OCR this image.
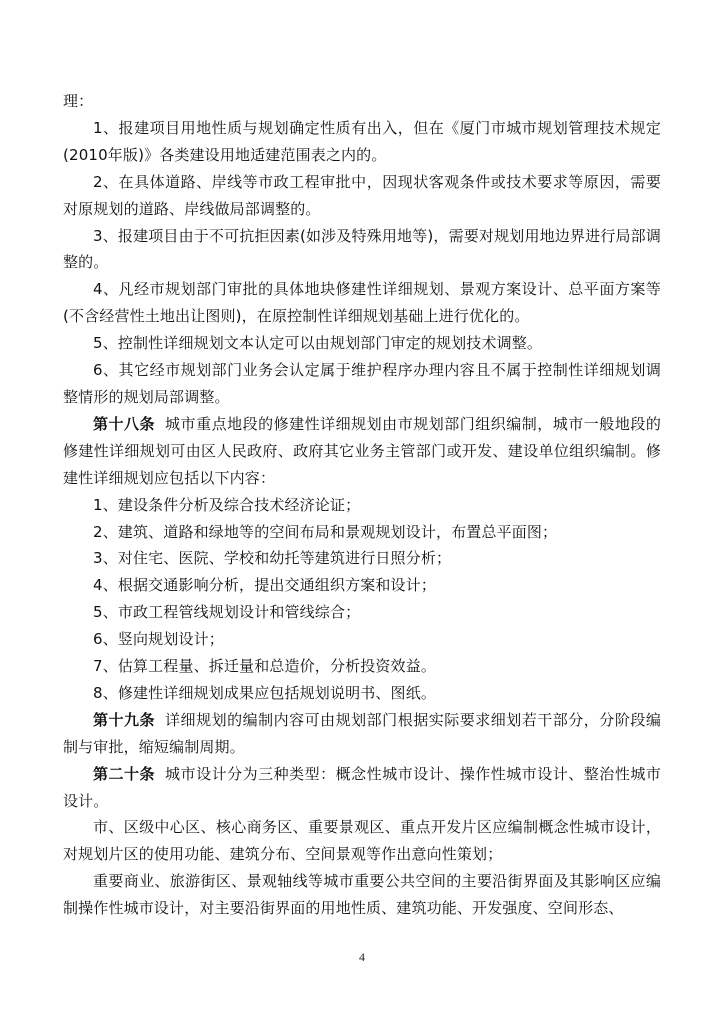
理：

1、报建项目用地性质与规划确定性质有出入，但在《厦门市城市规划管理技术规定(2010年版)》各类建设用地适建范围表之内的。

2、在具体道路、岸线等市政工程审批中，因现状客观条件或技术要求等原因，需要对原规划的道路、岸线做局部调整的。

3、报建项目由于不可抗拒因素(如涉及特殊用地等)，需要对规划用地边界进行局部调整的。

4、凡经市规划部门审批的具体地块修建性详细规划、景观方案设计、总平面方案等(不含经营性土地出让图则)，在原控制性详细规划基础上进行优化的。

5、控制性详细规划文本认定可以由规划部门审定的规划技术调整。

6、其它经市规划部门业务会认定属于维护程序办理内容且不属于控制性详细规划调整情形的规划局部调整。

第十八条 城市重点地段的修建性详细规划由市规划部门组织编制，城市一般地段的修建性详细规划可由区人民政府、政府其它业务主管部门或开发、建设单位组织编制。修建性详细规划应包括以下内容：

1、建设条件分析及综合技术经济论证；

2、建筑、道路和绿地等的空间布局和景观规划设计，布置总平面图；

3、对住宅、医院、学校和幼托等建筑进行日照分析；

4、根据交通影响分析，提出交通组织方案和设计；

5、市政工程管线规划设计和管线综合；

6、竖向规划设计；

7、估算工程量、拆迁量和总造价，分析投资效益。

8、修建性详细规划成果应包括规划说明书、图纸。

第十九条 详细规划的编制内容可由规划部门根据实际要求细划若干部分，分阶段编制与审批，缩短编制周期。

第二十条 城市设计分为三种类型：概念性城市设计、操作性城市设计、整治性城市设计。

市、区级中心区、核心商务区、重要景观区、重点开发片区应编制概念性城市设计，对规划片区的使用功能、建筑分布、空间景观等作出意向性策划；

重要商业、旅游街区、景观轴线等城市重要公共空间的主要沿街界面及其影响区应编制操作性城市设计，对主要沿街界面的用地性质、建筑功能、开发强度、空间形态、

4
